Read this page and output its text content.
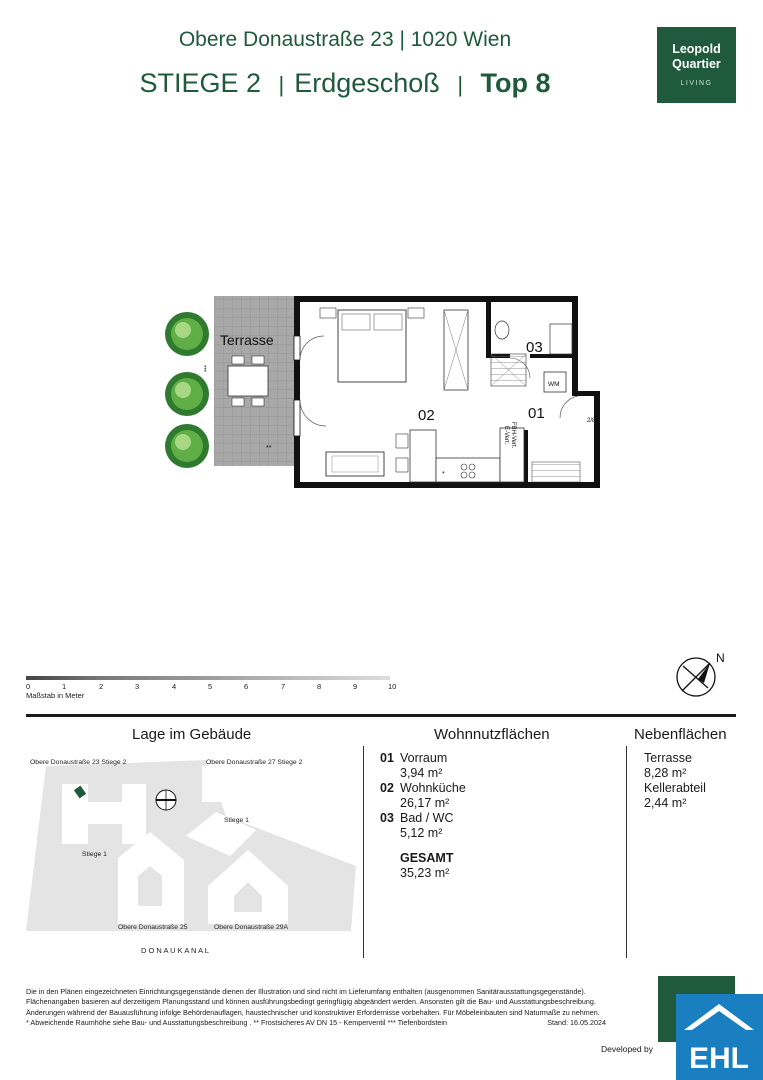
Obere Donaustraße 23 | 1020 Wien
STIEGE 2 | Erdgeschoß | Top 8
Leopold
Quartier
LIVING
Terrasse
**
***
*
WM
2/8
FBH-Vert.
E-Vert.
02	01
03
0	1	2	3	4	5	6	7	8	9	10
Maßstab in Meter
N
Lage im Gebäude
Obere Donaustraße 23 Stiege 2	Obere Donaustraße 27 Stiege 2
Stiege 1
Stiege 1
Obere Donaustraße 25	Obere Donaustraße 29A
D O N A U K A N A L
Wohnnutzflächen
01 Vorraum
3,94 m²
02 Wohnküche
26,17 m²
03 Bad / WC
5,12 m²
GESAMT
35,23 m²
Nebenflächen
Terrasse
8,28 m²
Kellerabteil
2,44 m²
Die in den Plänen eingezeichneten Einrichtungsgegenstände dienen der Illustration und sind nicht im Lieferumfang enthalten (ausgenommen Sanitärausstattungsgegenstände).
Flächenangaben basieren auf derzeitigem Planungsstand und können ausführungsbedingt geringfügig abgeändert werden. Ansonsten gilt die Bau- und Ausstattungsbeschreibung.
Änderungen während der Bauausführung infolge Behördenauflagen, haustechnischer und konstruktiver Erfordernisse vorbehalten. Für Möbeleinbauten sind Naturmaße zu nehmen.
* Abweichende Raumhöhe siehe Bau- und Ausstattungsbeschreibung . ** Frostsicheres AV DN 15 - Kemperventil *** Tiefenbordstein	Stand: 16.05.2024
Developed by EHL
